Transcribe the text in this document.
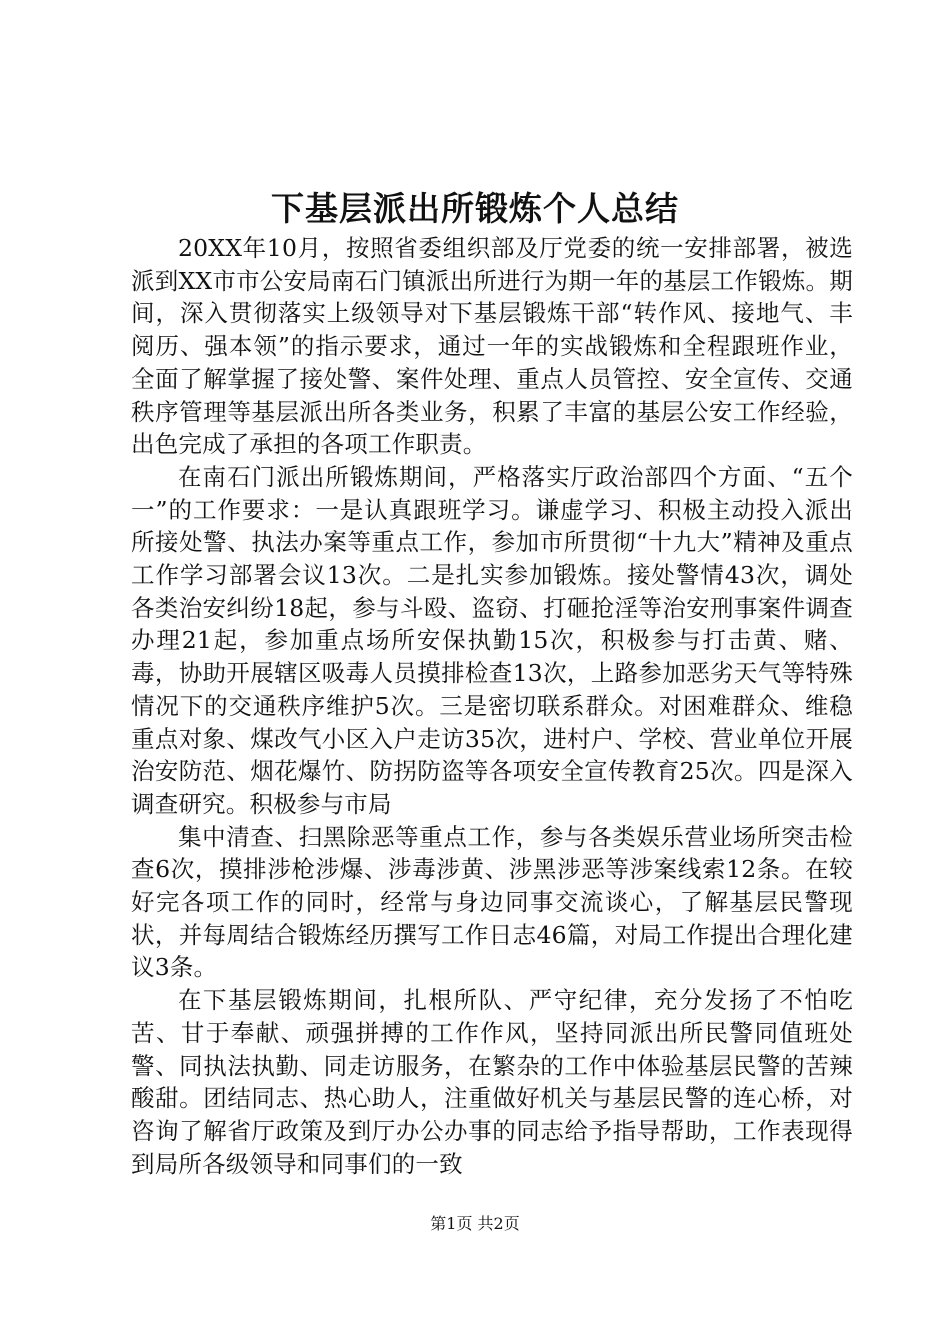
下基层派出所锻炼个人总结

20XX年10月，按照省委组织部及厅党委的统一安排部署，被选派到XX市市公安局南石门镇派出所进行为期一年的基层工作锻炼。期间，深入贯彻落实上级领导对下基层锻炼干部“转作风、接地气、丰阅历、强本领”的指示要求，通过一年的实战锻炼和全程跟班作业，全面了解掌握了接处警、案件处理、重点人员管控、安全宣传、交通秩序管理等基层派出所各类业务，积累了丰富的基层公安工作经验，出色完成了承担的各项工作职责。

在南石门派出所锻炼期间，严格落实厅政治部四个方面、“五个一”的工作要求：一是认真跟班学习。谦虚学习、积极主动投入派出所接处警、执法办案等重点工作，参加市所贯彻“十九大”精神及重点工作学习部署会议13次。二是扎实参加锻炼。接处警情43次，调处各类治安纠纷18起，参与斗殴、盗窃、打砸抢淫等治安刑事案件调查办理21起，参加重点场所安保执勤15次，积极参与打击黄、赌、毒，协助开展辖区吸毒人员摸排检查13次，上路参加恶劣天气等特殊情况下的交通秩序维护5次。三是密切联系群众。对困难群众、维稳重点对象、煤改气小区入户走访35次，进村户、学校、营业单位开展治安防范、烟花爆竹、防拐防盗等各项安全宣传教育25次。四是深入调查研究。积极参与市局

集中清查、扫黑除恶等重点工作，参与各类娱乐营业场所突击检查6次，摸排涉枪涉爆、涉毒涉黄、涉黑涉恶等涉案线索12条。在较好完各项工作的同时，经常与身边同事交流谈心，了解基层民警现状，并每周结合锻炼经历撰写工作日志46篇，对局工作提出合理化建议3条。

在下基层锻炼期间，扎根所队、严守纪律，充分发扬了不怕吃苦、甘于奉献、顽强拼搏的工作作风，坚持同派出所民警同值班处警、同执法执勤、同走访服务，在繁杂的工作中体验基层民警的苦辣酸甜。团结同志、热心助人，注重做好机关与基层民警的连心桥，对咨询了解省厅政策及到厅办公办事的同志给予指导帮助，工作表现得到局所各级领导和同事们的一致

第1页 共2页
